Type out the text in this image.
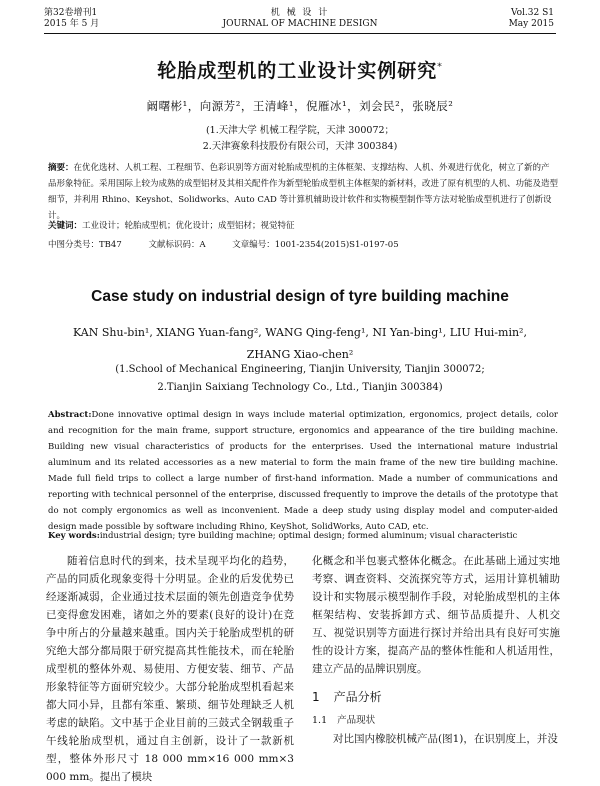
第32卷增刊1
2015 年 5 月
机 械 设 计
JOURNAL OF MACHINE DESIGN
Vol.32 S1
May 2015
轮胎成型机的工业设计实例研究*
阚曙彬¹，向源芳²，王清峰¹，倪雁冰¹，刘会民²，张晓辰²
(1.天津大学 机械工程学院，天津 300072；
2.天津赛象科技股份有限公司，天津 300384)
摘要：在优化选材、人机工程、工程细节、色彩识别等方面对轮胎成型机的主体框架、支撑结构、人机、外观进行优化，树立了新的产品形象特征。采用国际上较为成熟的成型铝材及其相关配件作为新型轮胎成型机主体框架的新材料，改进了原有机型的人机、功能及造型细节，并利用 Rhino、Keyshot、Solidworks、Auto CAD 等计算机辅助设计软件和实物模型制作等方法对轮胎成型机进行了创新设计。
关键词：工业设计；轮胎成型机；优化设计；成型铝材；视觉特征
中图分类号：TB47	文献标识码：A	文章编号：1001-2354(2015)S1-0197-05
Case study on industrial design of tyre building machine
KAN Shu-bin¹, XIANG Yuan-fang², WANG Qing-feng¹, NI Yan-bing¹, LIU Hui-min², ZHANG Xiao-chen²
(1.School of Mechanical Engineering, Tianjin University, Tianjin 300072;
2.Tianjin Saixiang Technology Co., Ltd., Tianjin 300384)
Abstract:Done innovative optimal design in ways include material optimization, ergonomics, project details, color and recognition for the main frame, support structure, ergonomics and appearance of the tire building machine. Building new visual characteristics of products for the enterprises. Used the international mature industrial aluminum and its related accessories as a new material to form the main frame of the new tire building machine. Made full field trips to collect a large number of first-hand information. Made a number of communications and reporting with technical personnel of the enterprise, discussed frequently to improve the details of the prototype that do not comply ergonomics as well as inconvenient. Made a deep study using display model and computer-aided design made possible by software including Rhino, KeyShot, SolidWorks, Auto CAD, etc.
Key words:industrial design; tyre building machine; optimal design; formed aluminum; visual characteristic

随着信息时代的到来，技术呈现平均化的趋势，产品的同质化现象变得十分明显。企业的后发优势已经逐渐减弱，企业通过技术层面的领先创造竞争优势已变得愈发困难，诸如之外的要素(良好的设计)在竞争中所占的分量越来越重。国内关于轮胎成型机的研究绝大部分都局限于研究提高其性能技术，而在轮胎成型机的整体外观、易使用、方便安装、细节、产品形象特征等方面研究较少。大部分轮胎成型机看起来都大同小异，且都有笨重、繁琐、细节处理缺乏人机考虑的缺陷。文中基于企业目前的三鼓式全钢载重子午线轮胎成型机，通过自主创新，设计了一款新机型，整体外形尺寸 18 000 mm×16 000 mm×3 000 mm。提出了模块

化概念和半包裹式整体化概念。在此基础上通过实地考察、调查资料、交流探究等方式，运用计算机辅助设计和实物展示模型制作手段，对轮胎成型机的主体框架结构、安装拆卸方式、细节品质提升、人机交互、视觉识别等方面进行探讨并给出具有良好可实施性的设计方案，提高产品的整体性能和人机适用性，建立产品的品牌识别度。

1 产品分析
1.1 产品现状

对比国内橡胶机械产品(图1)，在识别度上，并没
